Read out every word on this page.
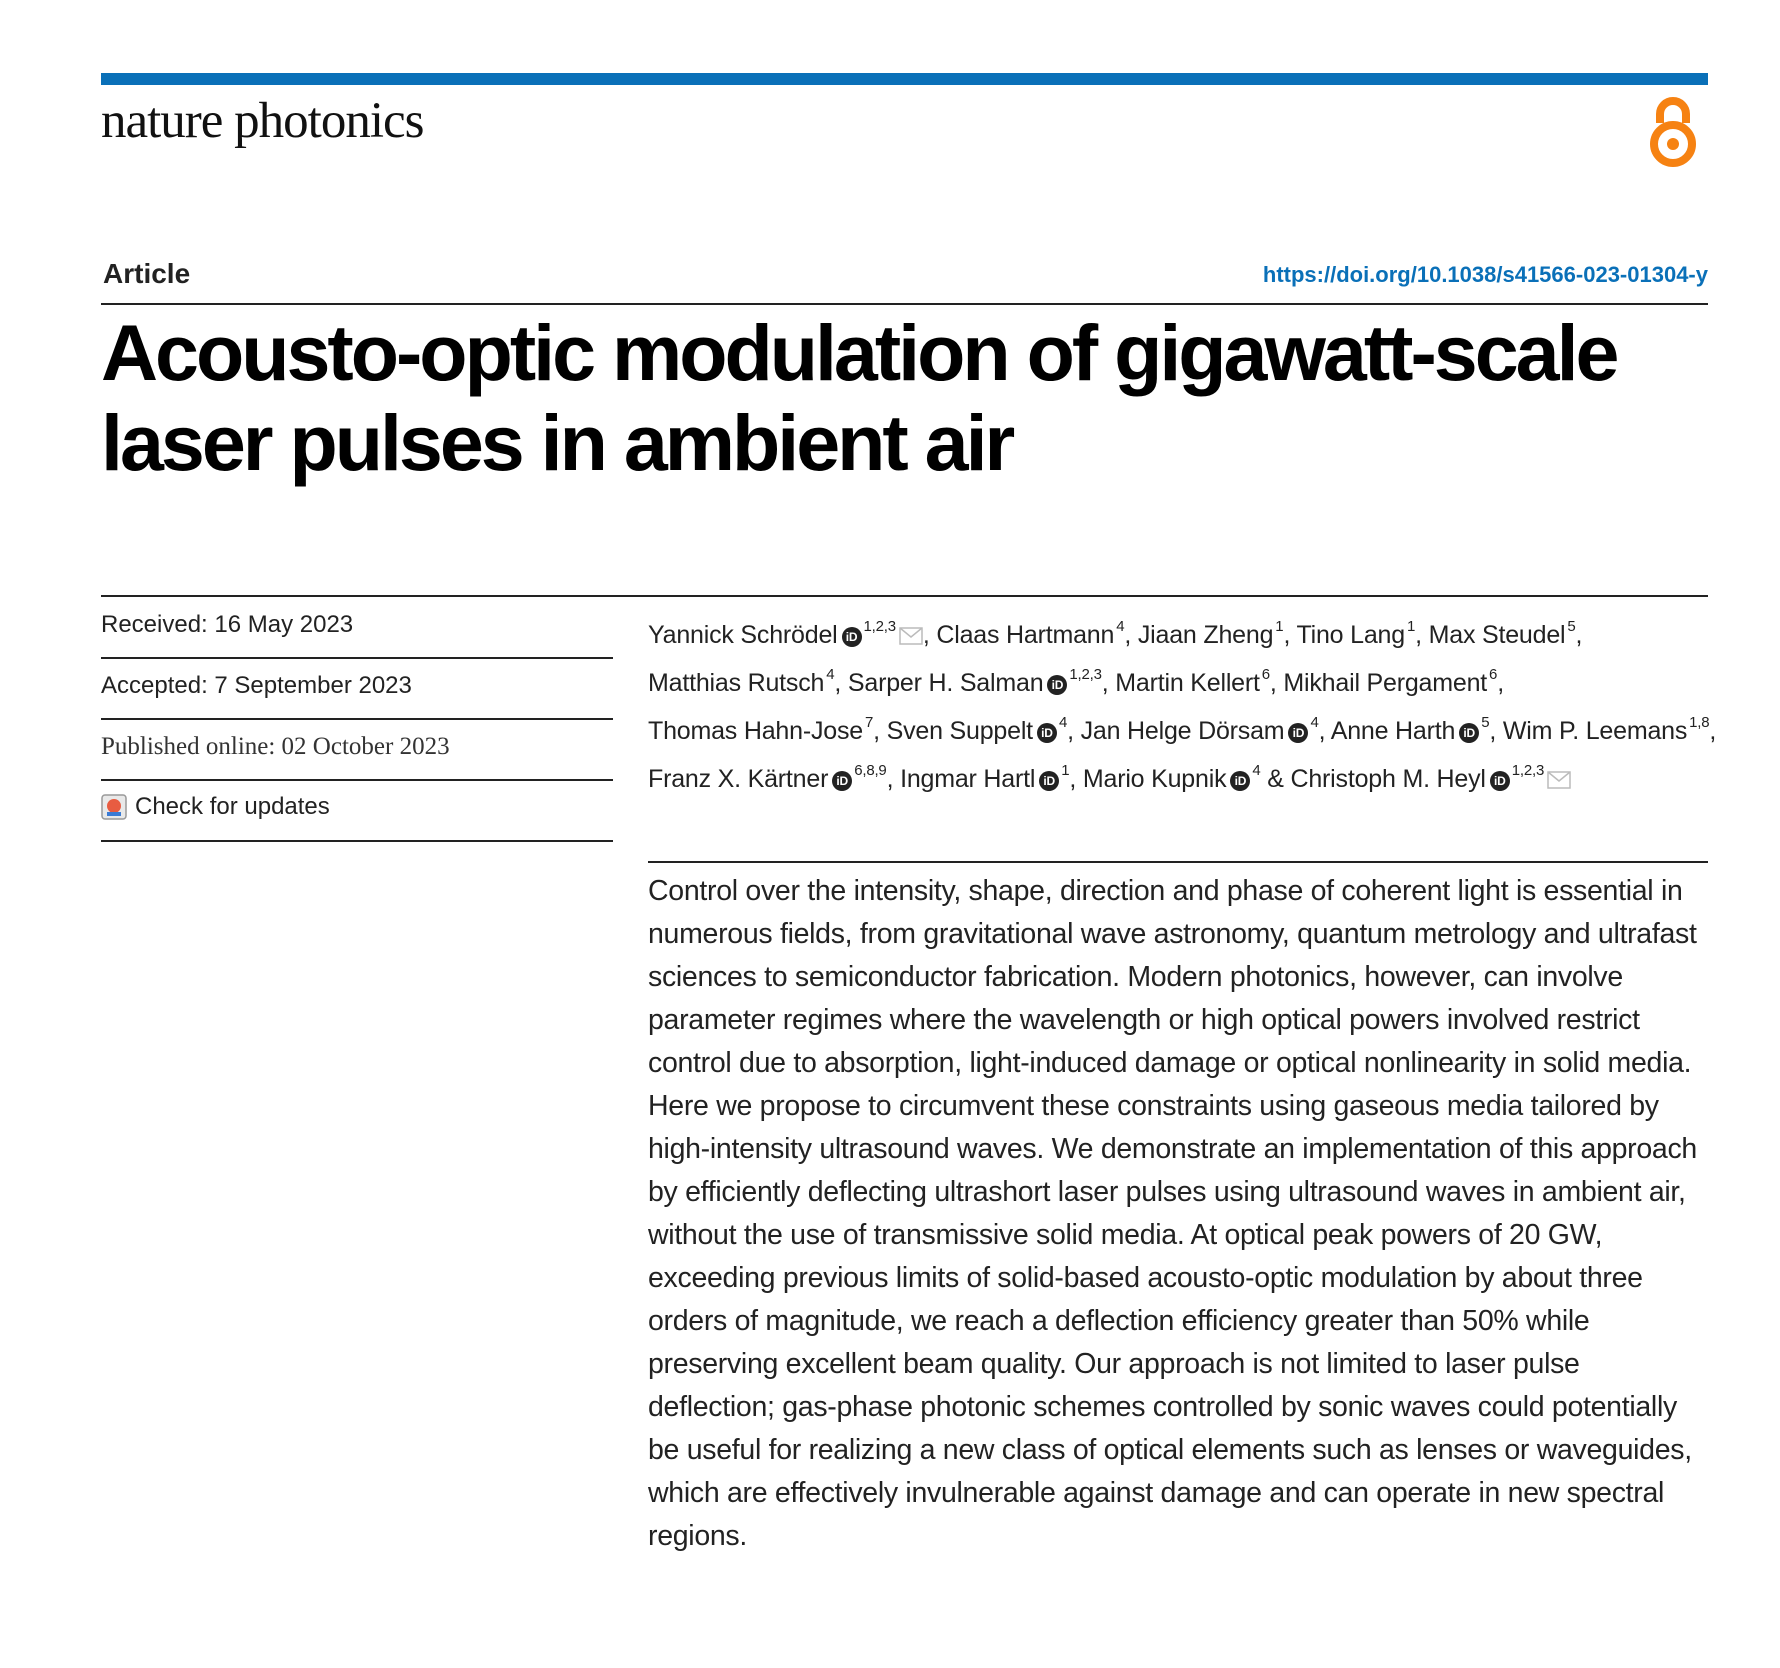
nature photonics
Article	https://doi.org/10.1038/s41566-023-01304-y
Acousto-optic modulation of gigawatt-scale laser pulses in ambient air
Received: 16 May 2023
Accepted: 7 September 2023
Published online: 02 October 2023
Check for updates
Yannick Schrödel iD$^{1,2,3}$ , Claas Hartmann $^4$, Jiaan Zheng $^1$, Tino Lang $^1$, Max Steudel $^5$, Matthias Rutsch $^4$, Sarper H. Salman iD$^{1,2,3}$, Martin Kellert $^6$, Mikhail Pergament $^6$, Thomas Hahn-Jose $^7$, Sven Suppelt iD$^4$, Jan Helge Dörsam iD$^4$, Anne Harth iD$^5$, Wim P. Leemans $^{1,8}$, Franz X. Kärtner iD$^{6,8,9}$, Ingmar Hartl iD$^1$, Mario Kupnik iD$^4$ & Christoph M. Heyl iD$^{1,2,3}$

Control over the intensity, shape, direction and phase of coherent light is essential in numerous fields, from gravitational wave astronomy, quantum metrology and ultrafast sciences to semiconductor fabrication. Modern photonics, however, can involve parameter regimes where the wavelength or high optical powers involved restrict control due to absorption, light-induced damage or optical nonlinearity in solid media. Here we propose to circumvent these constraints using gaseous media tailored by high-intensity ultrasound waves. We demonstrate an implementation of this approach by efficiently deflecting ultrashort laser pulses using ultrasound waves in ambient air, without the use of transmissive solid media. At optical peak powers of 20 GW, exceeding previous limits of solid-based acousto-optic modulation by about three orders of magnitude, we reach a deflection efficiency greater than 50% while preserving excellent beam quality. Our approach is not limited to laser pulse deflection; gas-phase photonic schemes controlled by sonic waves could potentially be useful for realizing a new class of optical elements such as lenses or waveguides, which are effectively invulnerable against damage and can operate in new spectral regions.
